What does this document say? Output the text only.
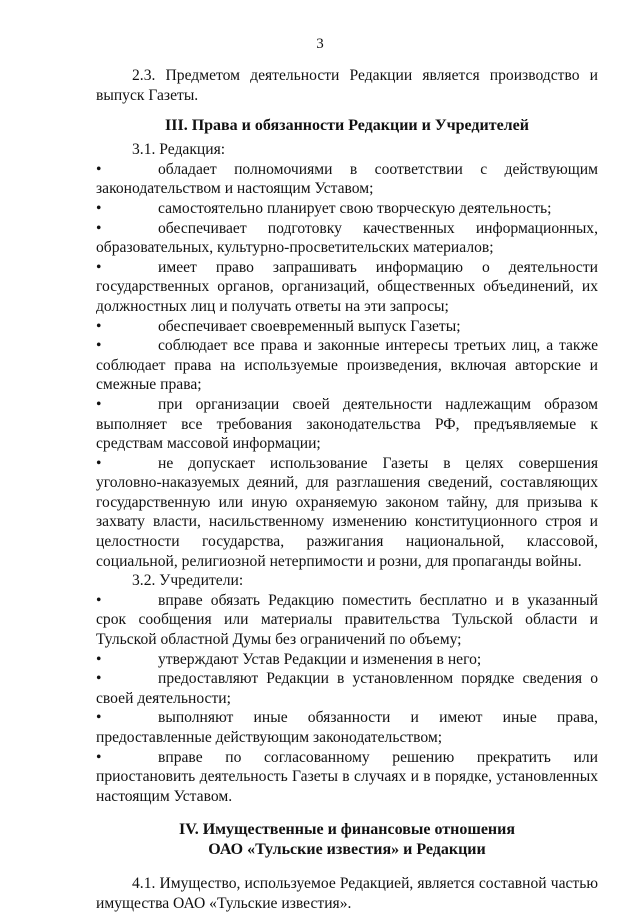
3

2.3. Предметом деятельности Редакции является производство и выпуск Газеты.

III. Права и обязанности Редакции и Учредителей

3.1. Редакция:

•	обладает полномочиями в соответствии с действующим законодательством и настоящим Уставом;

•	самостоятельно планирует свою творческую деятельность;

•	обеспечивает подготовку качественных информационных, образовательных, культурно-просветительских материалов;

•	имеет право запрашивать информацию о деятельности государственных органов, организаций, общественных объединений, их должностных лиц и получать ответы на эти запросы;

•	обеспечивает своевременный выпуск Газеты;

•	соблюдает все права и законные интересы третьих лиц, а также соблюдает права на используемые произведения, включая авторские и смежные права;

•	при организации своей деятельности надлежащим образом выполняет все требования законодательства РФ, предъявляемые к средствам массовой информации;

•	не допускает использование Газеты в целях совершения уголовно-наказуемых деяний, для разглашения сведений, составляющих государственную или иную охраняемую законом тайну, для призыва к захвату власти, насильственному изменению конституционного строя и целостности государства, разжигания национальной, классовой, социальной, религиозной нетерпимости и розни, для пропаганды войны.

3.2. Учредители:

•	вправе обязать Редакцию поместить бесплатно и в указанный срок сообщения или материалы правительства Тульской области и Тульской областной Думы без ограничений по объему;

•	утверждают Устав Редакции и изменения в него;

•	предоставляют Редакции в установленном порядке сведения о своей деятельности;

•	выполняют иные обязанности и имеют иные права, предоставленные действующим законодательством;

•	вправе по согласованному решению прекратить или приостановить деятельность Газеты в случаях и в порядке, установленных настоящим Уставом.

IV. Имущественные и финансовые отношения
ОАО «Тульские известия» и Редакции

4.1. Имущество, используемое Редакцией, является составной частью имущества ОАО «Тульские известия».
